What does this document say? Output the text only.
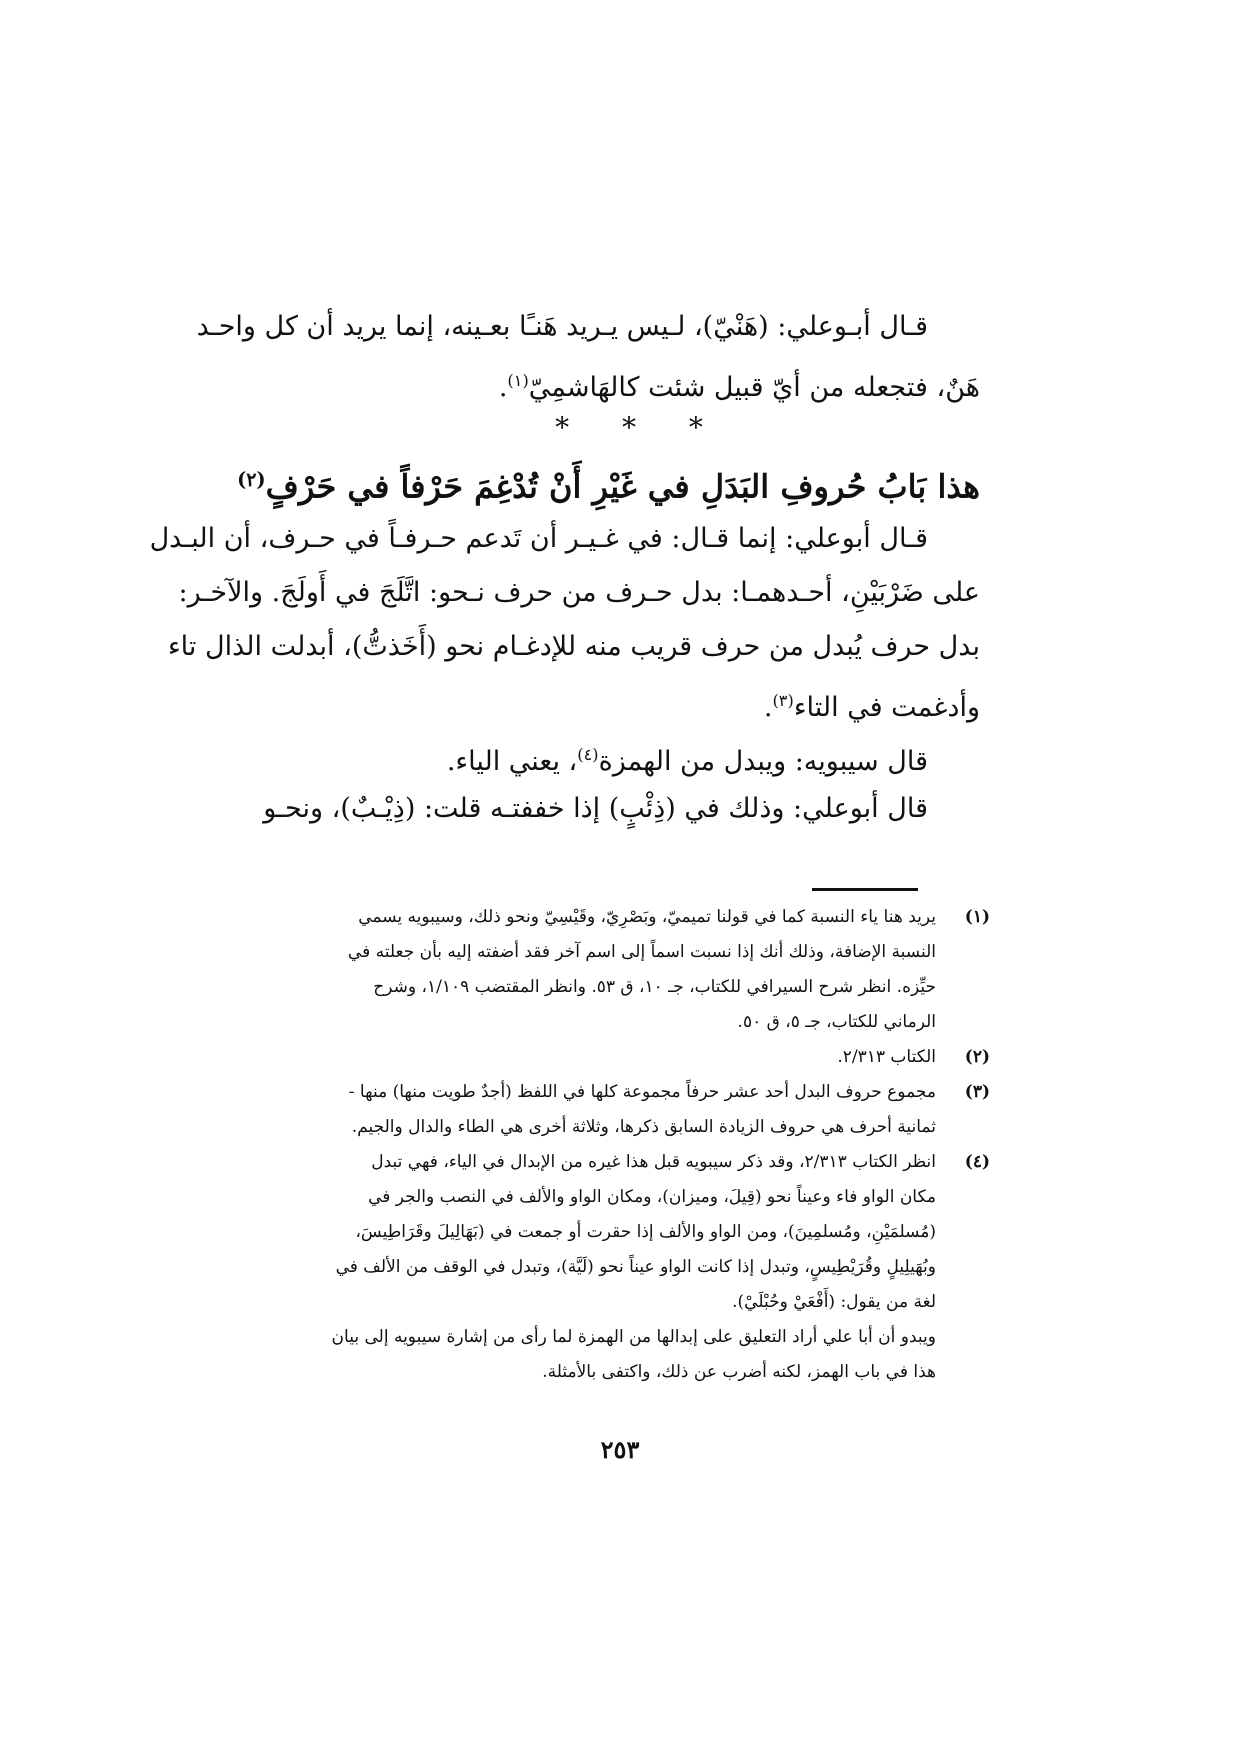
قـال أبـوعلي: (هَنْيّ)، لـيس يـريد هَنـًا بعـينه، إنما يريد أن كل واحـد
هَنٌ، فتجعله من أيّ قبيل شئت كالهَاشمِيّ$^{(١)}$.
* * *
هذا بَابُ حُروفِ البَدَلِ في غَيْرِ أَنْ تُدْغِمَ حَرْفاً في حَرْفٍ$^{(٢)}$
قـال أبوعلي: إنما قـال: في غـيـر أن تَدعم حـرفـاً في حـرف، أن البـدل
على ضَرْبَيْنِ، أحـدهمـا: بدل حـرف من حرف نـحو: اتَّلَجَ في أَولَجَ. والآخـر:
بدل حرف يُبدل من حرف قريب منه للإدغـام نحو (أَخَذتُّ)، أبدلت الذال تاء
وأدغمت في التاء$^{(٣)}$.
قال سيبويه: ويبدل من الهمزة$^{(٤)}$، يعني الياء.
قال أبوعلي: وذلك في (ذِئْبٍ) إذا خففتـه قلت: (ذِيْـبٌ)، ونحـو
(١)
يريد هنا ياء النسبة كما في قولنا تميميّ، وبَصْرِيّ، وقَيْسِيّ ونحو ذلك، وسيبويه يسمي
النسبة الإضافة، وذلك أنك إذا نسبت اسماً إلى اسم آخر فقد أضفته إليه بأن جعلته في
حيِّزه. انظر شرح السيرافي للكتاب، جـ ١٠، ق ٥٣. وانظر المقتضب ١/١٠٩، وشرح
الرماني للكتاب، جـ ٥، ق ٥٠.
(٢)
الكتاب ٢/٣١٣.
(٣)
مجموع حروف البدل أحد عشر حرفاً مجموعة كلها في اللفظ (أجدٌ طويت منها) منها -
ثمانية أحرف هي حروف الزيادة السابق ذكرها، وثلاثة أخرى هي الطاء والدال والجيم.
(٤)
انظر الكتاب ٢/٣١٣، وقد ذكر سيبويه قبل هذا غيره من الإبدال في الياء، فهي تبدل
مكان الواو فاء وعيناً نحو (قِيلَ، وميزان)، ومكان الواو والألف في النصب والجر في
(مُسلمَيْنِ، ومُسلمِينَ)، ومن الواو والألف إذا حقرت أو جمعت في (بَهَالِيلَ وقَرَاطِيسَ،
وبُهَيلِيلٍ وقُرَيْطِيسٍ، وتبدل إذا كانت الواو عيناً نحو (لَيَّة)، وتبدل في الوقف من الألف في
لغة من يقول: (أَفْعَيْ وحُبْلَيْ).
ويبدو أن أبا علي أراد التعليق على إبدالها من الهمزة لما رأى من إشارة سيبويه إلى بيان
هذا في باب الهمز، لكنه أضرب عن ذلك، واكتفى بالأمثلة.
٢٥٣
